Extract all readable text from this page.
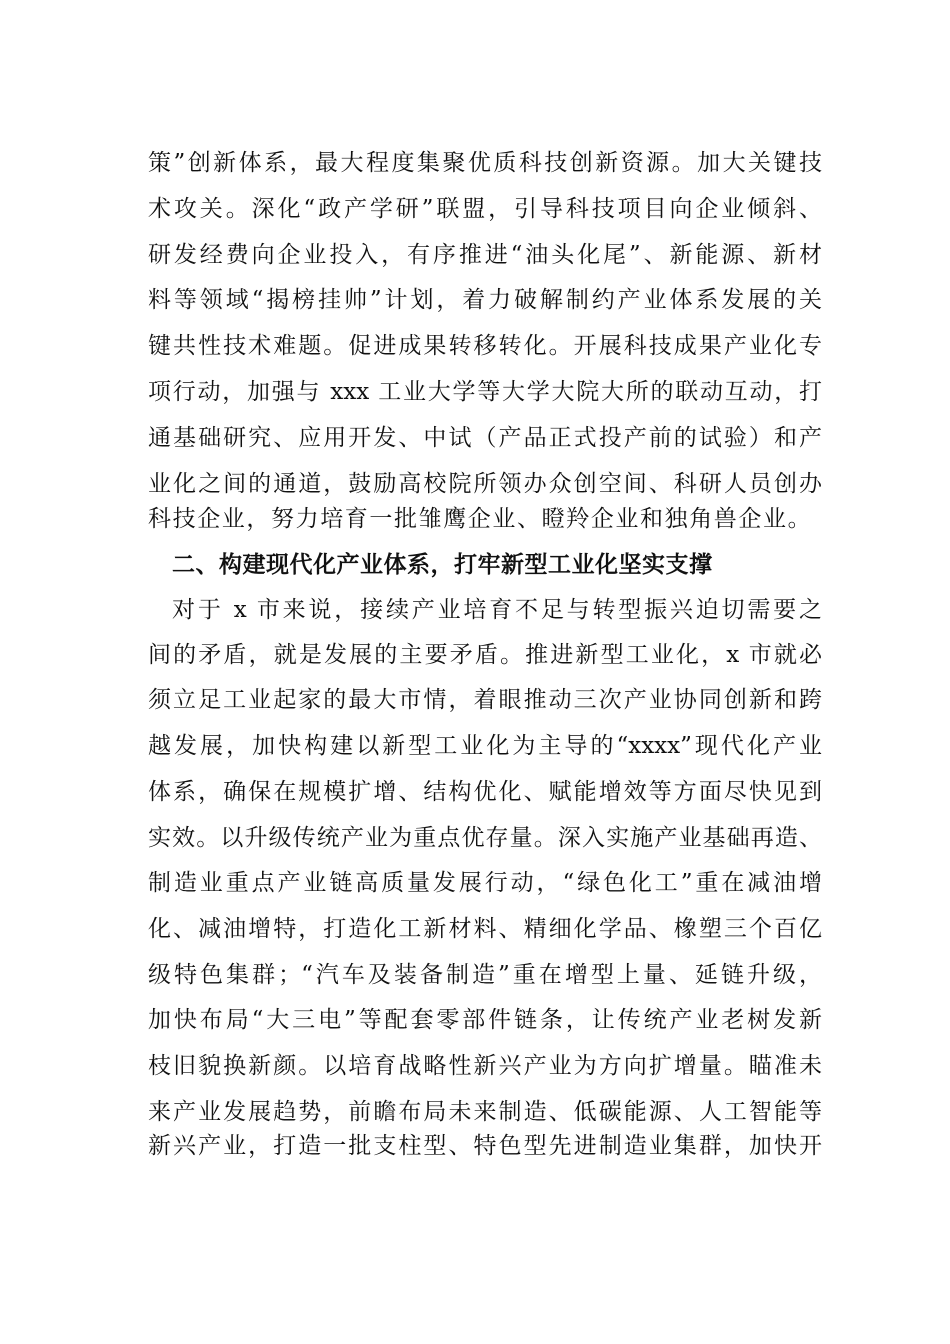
策”创新体系，最大程度集聚优质科技创新资源。加大关键技
术攻关。深化“政产学研”联盟，引导科技项目向企业倾斜、
研发经费向企业投入，有序推进“油头化尾”、新能源、新材
料等领域“揭榜挂帅”计划，着力破解制约产业体系发展的关
键共性技术难题。促进成果转移转化。开展科技成果产业化专
项行动，加强与 xxx 工业大学等大学大院大所的联动互动，打
通基础研究、应用开发、中试（产品正式投产前的试验）和产
业化之间的通道，鼓励高校院所领办众创空间、科研人员创办
科技企业，努力培育一批雏鹰企业、瞪羚企业和独角兽企业。
二、构建现代化产业体系，打牢新型工业化坚实支撑
对于 x 市来说，接续产业培育不足与转型振兴迫切需要之
间的矛盾，就是发展的主要矛盾。推进新型工业化，x 市就必
须立足工业起家的最大市情，着眼推动三次产业协同创新和跨
越发展，加快构建以新型工业化为主导的“xxxx”现代化产业
体系，确保在规模扩增、结构优化、赋能增效等方面尽快见到
实效。以升级传统产业为重点优存量。深入实施产业基础再造、
制造业重点产业链高质量发展行动，“绿色化工”重在减油增
化、减油增特，打造化工新材料、精细化学品、橡塑三个百亿
级特色集群；“汽车及装备制造”重在增型上量、延链升级，
加快布局“大三电”等配套零部件链条，让传统产业老树发新
枝旧貌换新颜。以培育战略性新兴产业为方向扩增量。瞄准未
来产业发展趋势，前瞻布局未来制造、低碳能源、人工智能等
新兴产业，打造一批支柱型、特色型先进制造业集群，加快开
